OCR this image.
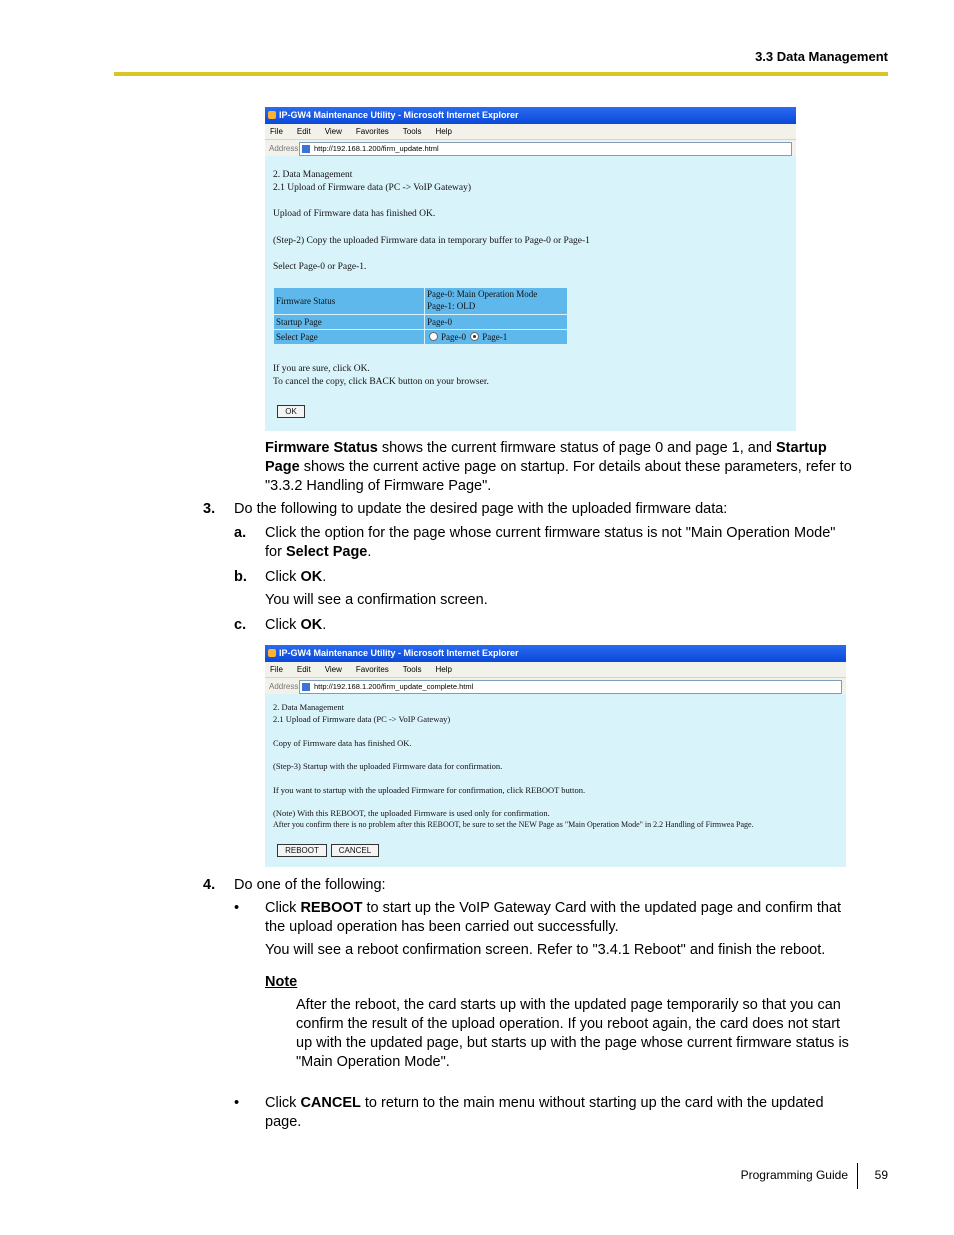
3.3 Data Management
IP-GW4 Maintenance Utility - Microsoft Internet Explorer
File Edit View Favorites Tools Help
Address	http://192.168.1.200/firm_update.html
2. Data Management
2.1 Upload of Firmware data (PC -> VoIP Gateway)
Upload of Firmware data has finished OK.
(Step-2) Copy the uploaded Firmware data in temporary buffer to Page-0 or Page-1
Select Page-0 or Page-1.
Firmware Status	Page-0: Main Operation Mode
Page-1: OLD

Startup Page	Page-0
Select Page	Page-0 Page-1
If you are sure, click OK.
To cancel the copy, click BACK button on your browser.
OK
Firmware Status shows the current firmware status of page 0 and page 1, and Startup
Page shows the current active page on startup. For details about these parameters, refer to
"3.3.2 Handling of Firmware Page".
3. Do the following to update the desired page with the uploaded firmware data:
a. Click the option for the page whose current firmware status is not "Main Operation Mode"
for Select Page.
b. Click OK.
You will see a confirmation screen.
c. Click OK.
IP-GW4 Maintenance Utility - Microsoft Internet Explorer
File Edit View Favorites Tools Help
Address	http://192.168.1.200/firm_update_complete.html
2. Data Management
2.1 Upload of Firmware data (PC -> VoIP Gateway)
Copy of Firmware data has finished OK.
(Step-3) Startup with the uploaded Firmware data for confirmation.
If you want to startup with the uploaded Firmware for confirmation, click REBOOT button.
(Note) With this REBOOT, the uploaded Firmware is used only for confirmation.
After you confirm there is no problem after this REBOOT, be sure to set the NEW Page as "Main Operation Mode" in 2.2 Handling of Firmwea Page.
REBOOT	CANCEL
4. Do one of the following:
• Click REBOOT to start up the VoIP Gateway Card with the updated page and confirm that
the upload operation has been carried out successfully.
You will see a reboot confirmation screen. Refer to "3.4.1 Reboot" and finish the reboot.
Note
After the reboot, the card starts up with the updated page temporarily so that you can
confirm the result of the upload operation. If you reboot again, the card does not start
up with the updated page, but starts up with the page whose current firmware status is
"Main Operation Mode".
• Click CANCEL to return to the main menu without starting up the card with the updated
page.
Programming Guide 59
